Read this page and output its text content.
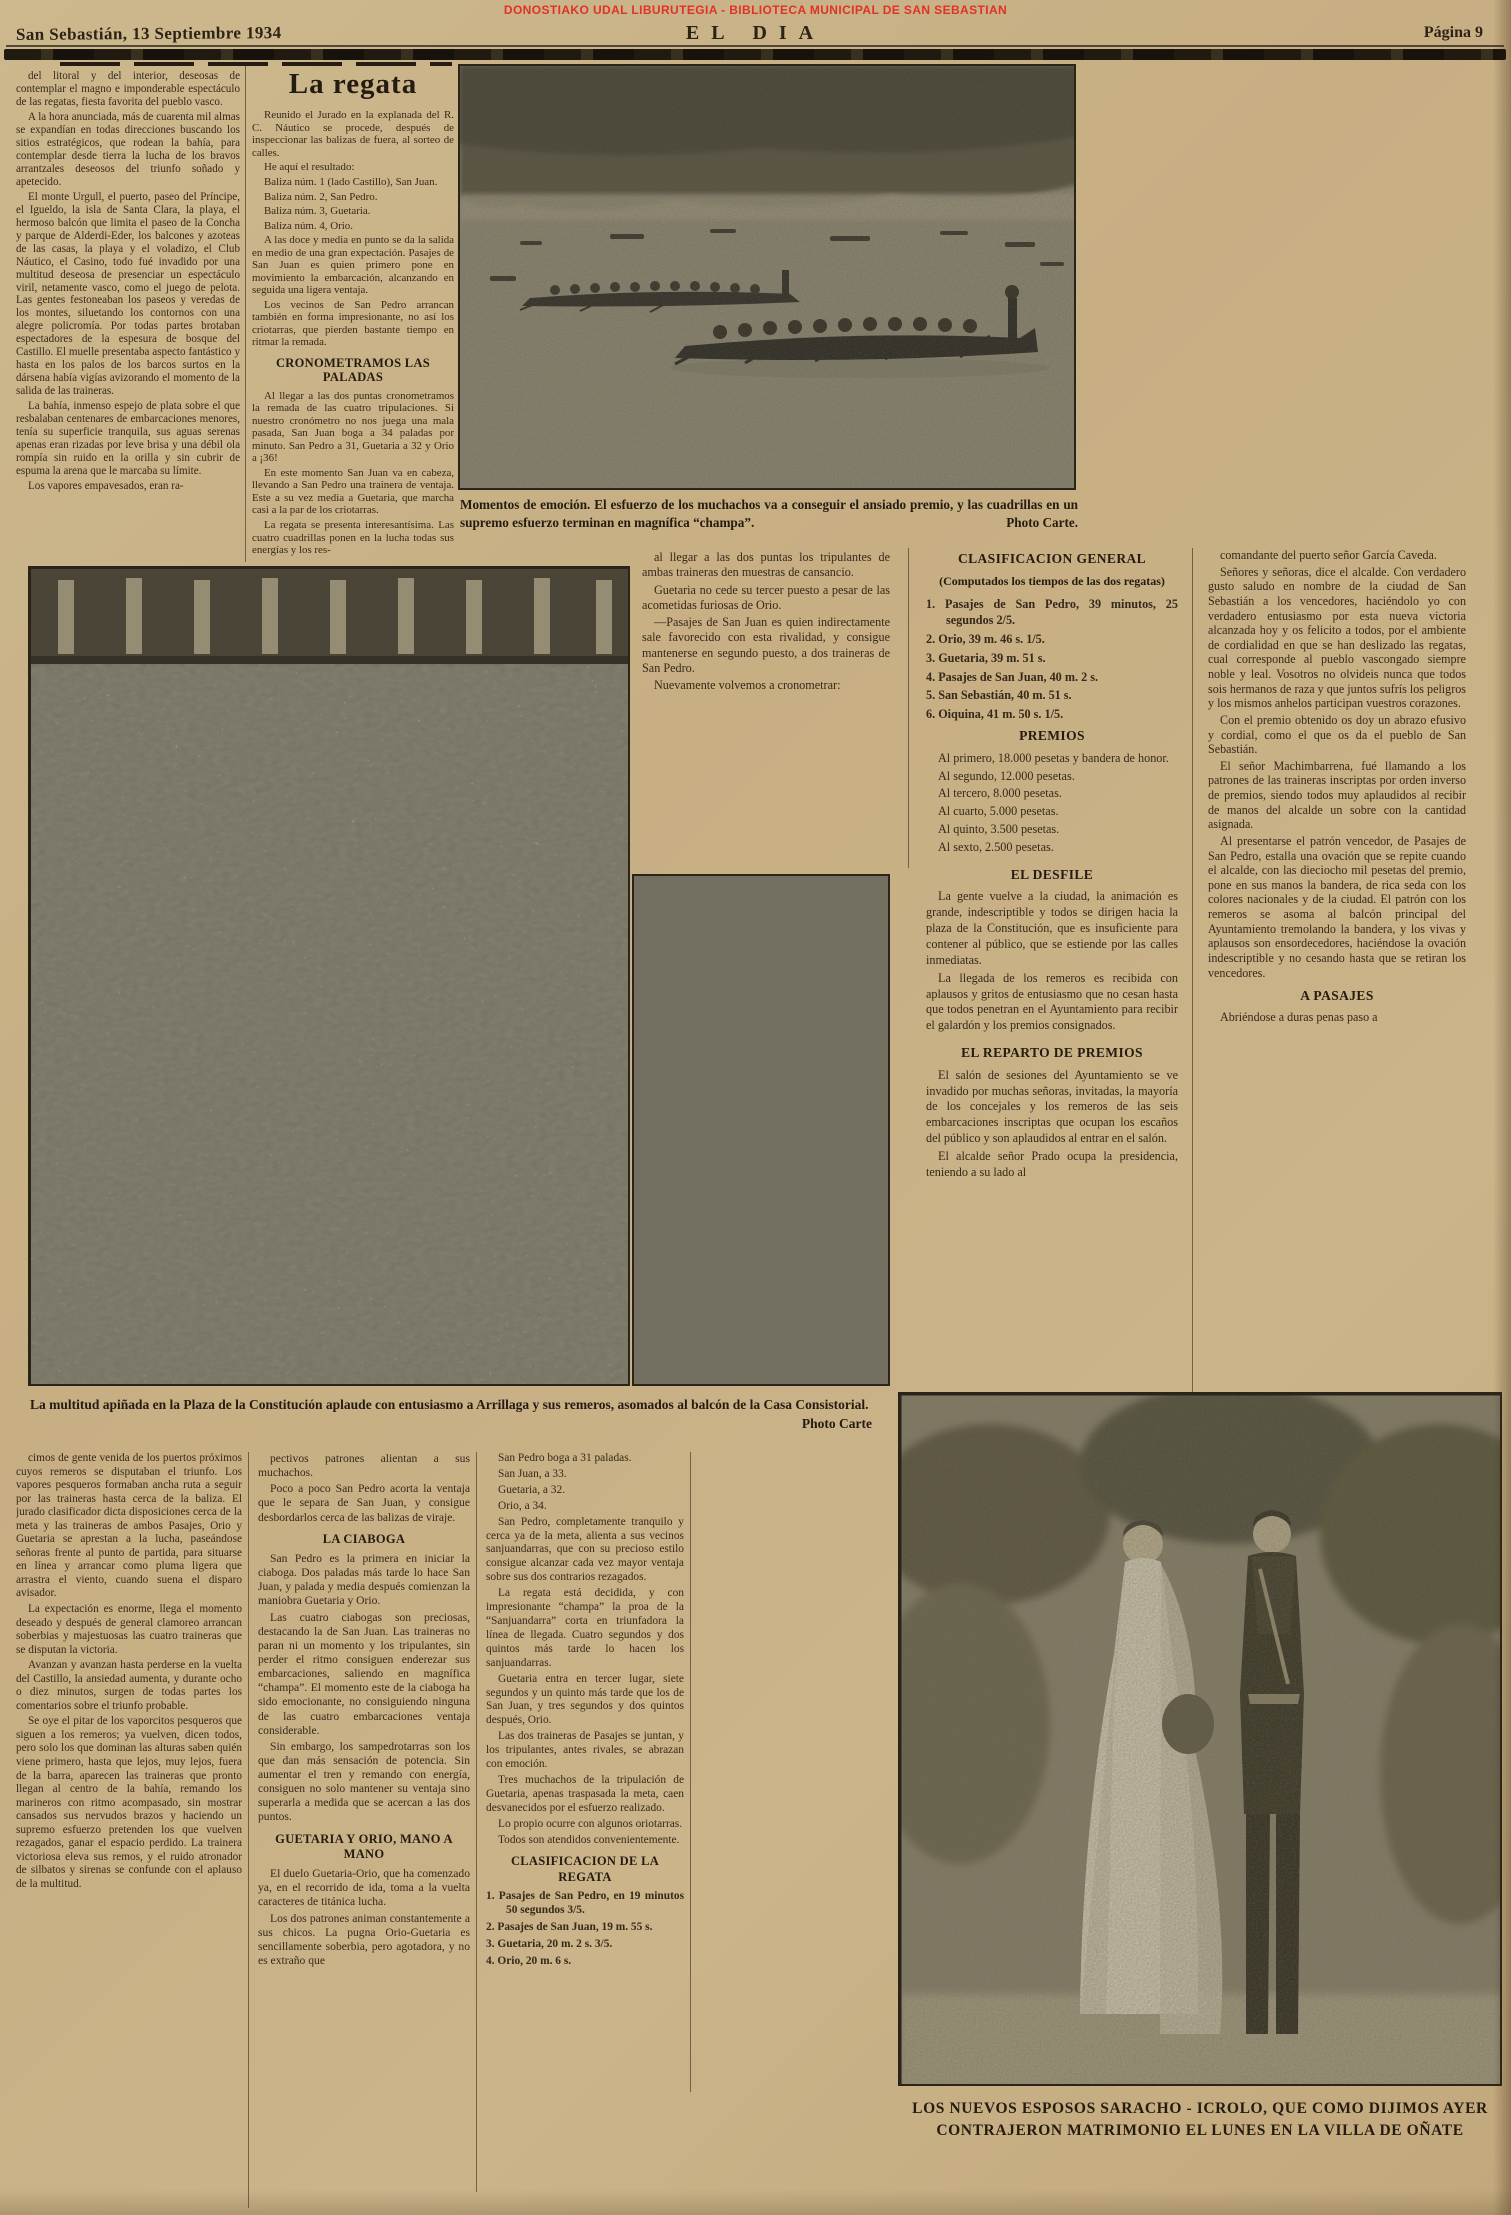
DONOSTIAKO UDAL LIBURUTEGIA - BIBLIOTECA MUNICIPAL DE SAN SEBASTIAN
San Sebastián, 13 Septiembre 1934	EL DIA	Página 9

del litoral y del interior, deseosas de contemplar el magno e imponderable espectáculo de las regatas, fiesta favorita del pueblo vasco.

A la hora anunciada, más de cuarenta mil almas se expandían en todas direcciones buscando los sitios estratégicos, que rodean la bahía, para contemplar desde tierra la lucha de los bravos arrantzales deseosos del triunfo soñado y apetecido.

El monte Urgull, el puerto, paseo del Príncipe, el Igueldo, la isla de Santa Clara, la playa, el hermoso balcón que limita el paseo de la Concha y parque de Alderdi-Eder, los balcones y azoteas de las casas, la playa y el voladizo, el Club Náutico, el Casino, todo fué invadido por una multitud deseosa de presenciar un espectáculo viril, netamente vasco, como el juego de pelota. Las gentes festoneaban los paseos y veredas de los montes, siluetando los contornos con una alegre policromía. Por todas partes brotaban espectadores de la espesura de bosque del Castillo. El muelle presentaba aspecto fantástico y hasta en los palos de los barcos surtos en la dársena había vigías avizorando el momento de la salida de las traineras.

La bahía, inmenso espejo de plata sobre el que resbalaban centenares de embarcaciones menores, tenía su superficie tranquila, sus aguas serenas apenas eran rizadas por leve brisa y una débil ola rompía sin ruido en la orilla y sin cubrir de espuma la arena que le marcaba su límite.

Los vapores empavesados, eran ra-

La regata

Reunido el Jurado en la explanada del R. C. Náutico se procede, después de inspeccionar las balizas de fuera, al sorteo de calles.

He aquí el resultado:

Baliza núm. 1 (lado Castillo), San Juan.

Baliza núm. 2, San Pedro.

Baliza núm. 3, Guetaria.

Baliza núm. 4, Orio.

A las doce y media en punto se da la salida en medio de una gran expectación. Pasajes de San Juan es quien primero pone en movimiento la embarcación, alcanzando en seguida una ligera ventaja.

Los vecinos de San Pedro arrancan también en forma impresionante, no así los criotarras, que pierden bastante tiempo en ritmar la remada.

CRONOMETRAMOS LAS PALADAS

Al llegar a las dos puntas cronometramos la remada de las cuatro tripulaciones. Si nuestro cronómetro no nos juega una mala pasada, San Juan boga a 34 paladas por minuto. San Pedro a 31, Guetaria a 32 y Orio a ¡36!

En este momento San Juan va en cabeza, llevando a San Pedro una trainera de ventaja. Este a su vez media a Guetaria, que marcha casi a la par de los criotarras.

La regata se presenta interesantísima. Las cuatro cuadrillas ponen en la lucha todas sus energías y los res-

Momentos de emoción. El esfuerzo de los muchachos va a conseguir el ansiado premio, y las cuadrillas en un supremo esfuerzo terminan en magnífica “champa”.	Photo Carte.

al llegar a las dos puntas los tripulantes de ambas traineras den muestras de cansancio.

Guetaria no cede su tercer puesto a pesar de las acometidas furiosas de Orio.

—Pasajes de San Juan es quien indirectamente sale favorecido con esta rivalidad, y consigue mantenerse en segundo puesto, a dos traineras de San Pedro.

Nuevamente volvemos a cronometrar:

CLASIFICACION GENERAL
(Computados los tiempos de las dos regatas)

1. Pasajes de San Pedro, 39 minutos, 25 segundos 2/5.

2. Orio, 39 m. 46 s. 1/5.

3. Guetaria, 39 m. 51 s.

4. Pasajes de San Juan, 40 m. 2 s.

5. San Sebastián, 40 m. 51 s.

6. Oiquina, 41 m. 50 s. 1/5.

PREMIOS

Al primero, 18.000 pesetas y bandera de honor.

Al segundo, 12.000 pesetas.

Al tercero, 8.000 pesetas.

Al cuarto, 5.000 pesetas.

Al quinto, 3.500 pesetas.

Al sexto, 2.500 pesetas.

EL DESFILE

La gente vuelve a la ciudad, la animación es grande, indescriptible y todos se dirigen hacia la plaza de la Constitución, que es insuficiente para contener al público, que se estiende por las calles inmediatas.

La llegada de los remeros es recibida con aplausos y gritos de entusiasmo que no cesan hasta que todos penetran en el Ayuntamiento para recibir el galardón y los premios consignados.

EL REPARTO DE PREMIOS

El salón de sesiones del Ayuntamiento se ve invadido por muchas señoras, invitadas, la mayoría de los concejales y los remeros de las seis embarcaciones inscriptas que ocupan los escaños del público y son aplaudidos al entrar en el salón.

El alcalde señor Prado ocupa la presidencia, teniendo a su lado al

comandante del puerto señor García Caveda.

Señores y señoras, dice el alcalde. Con verdadero gusto saludo en nombre de la ciudad de San Sebastián a los vencedores, haciéndolo yo con verdadero entusiasmo por esta nueva victoria alcanzada hoy y os felicito a todos, por el ambiente de cordialidad en que se han deslizado las regatas, cual corresponde al pueblo vascongado siempre noble y leal. Vosotros no olvideis nunca que todos sois hermanos de raza y que juntos sufrís los peligros y los mismos anhelos participan vuestros corazones.

Con el premio obtenido os doy un abrazo efusivo y cordial, como el que os da el pueblo de San Sebastián.

El señor Machimbarrena, fué llamando a los patrones de las traineras inscriptas por orden inverso de premios, siendo todos muy aplaudidos al recibir de manos del alcalde un sobre con la cantidad asignada.

Al presentarse el patrón vencedor, de Pasajes de San Pedro, estalla una ovación que se repite cuando el alcalde, con las dieciocho mil pesetas del premio, pone en sus manos la bandera, de rica seda con los colores nacionales y de la ciudad. El patrón con los remeros se asoma al balcón principal del Ayuntamiento tremolando la bandera, y los vivas y aplausos son ensordecedores, haciéndose la ovación indescriptible y no cesando hasta que se retiran los vencedores.

A PASAJES

Abriéndose a duras penas paso a

La multitud apiñada en la Plaza de la Constitución aplaude con entusiasmo a Arrillaga y sus remeros, asomados al balcón de la Casa Consistorial.
Photo Carte

cimos de gente venida de los puertos próximos cuyos remeros se disputaban el triunfo. Los vapores pesqueros formaban ancha ruta a seguir por las traineras hasta cerca de la baliza. El jurado clasificador dicta disposiciones cerca de la meta y las traineras de ambos Pasajes, Orio y Guetaria se aprestan a la lucha, paseándose señoras frente al punto de partida, para situarse en línea y arrancar como pluma ligera que arrastra el viento, cuando suena el disparo avisador.

La expectación es enorme, llega el momento deseado y después de general clamoreo arrancan soberbias y majestuosas las cuatro traineras que se disputan la victoria.

Avanzan y avanzan hasta perderse en la vuelta del Castillo, la ansiedad aumenta, y durante ocho o diez minutos, surgen de todas partes los comentarios sobre el triunfo probable.

Se oye el pitar de los vaporcitos pesqueros que siguen a los remeros; ya vuelven, dicen todos, pero solo los que dominan las alturas saben quién viene primero, hasta que lejos, muy lejos, fuera de la barra, aparecen las traineras que pronto llegan al centro de la bahía, remando los marineros con ritmo acompasado, sin mostrar cansados sus nervudos brazos y haciendo un supremo esfuerzo pretenden los que vuelven rezagados, ganar el espacio perdido. La trainera victoriosa eleva sus remos, y el ruido atronador de silbatos y sirenas se confunde con el aplauso de la multitud.

pectivos patrones alientan a sus muchachos.

Poco a poco San Pedro acorta la ventaja que le separa de San Juan, y consigue desbordarlos cerca de las balizas de viraje.

LA CIABOGA

San Pedro es la primera en iniciar la ciaboga. Dos paladas más tarde lo hace San Juan, y palada y media después comienzan la maniobra Guetaria y Orio.

Las cuatro ciabogas son preciosas, destacando la de San Juan. Las traineras no paran ni un momento y los tripulantes, sin perder el ritmo consiguen enderezar sus embarcaciones, saliendo en magnífica “champa”. El momento este de la ciaboga ha sido emocionante, no consiguiendo ninguna de las cuatro embarcaciones ventaja considerable.

Sin embargo, los sampedrotarras son los que dan más sensación de potencia. Sin aumentar el tren y remando con energía, consiguen no solo mantener su ventaja sino superarla a medida que se acercan a las dos puntos.

GUETARIA Y ORIO, MANO A MANO

El duelo Guetaria-Orio, que ha comenzado ya, en el recorrido de ida, toma a la vuelta caracteres de titánica lucha.

Los dos patrones animan constantemente a sus chicos. La pugna Orio-Guetaria es sencillamente soberbia, pero agotadora, y no es extraño que

San Pedro boga a 31 paladas.

San Juan, a 33.

Guetaria, a 32.

Orio, a 34.

San Pedro, completamente tranquilo y cerca ya de la meta, alienta a sus vecinos sanjuandarras, que con su precioso estilo consigue alcanzar cada vez mayor ventaja sobre sus dos contrarios rezagados.

La regata está decidida, y con impresionante “champa” la proa de la “Sanjuandarra” corta en triunfadora la línea de llegada. Cuatro segundos y dos quintos más tarde lo hacen los sanjuandarras.

Guetaria entra en tercer lugar, siete segundos y un quinto más tarde que los de San Juan, y tres segundos y dos quintos después, Orio.

Las dos traineras de Pasajes se juntan, y los tripulantes, antes rivales, se abrazan con emoción.

Tres muchachos de la tripulación de Guetaria, apenas traspasada la meta, caen desvanecidos por el esfuerzo realizado.

Lo propio ocurre con algunos oriotarras.

Todos son atendidos convenientemente.

CLASIFICACION DE LA REGATA

1. Pasajes de San Pedro, en 19 minutos 50 segundos 3/5.

2. Pasajes de San Juan, 19 m. 55 s.

3. Guetaria, 20 m. 2 s. 3/5.

4. Orio, 20 m. 6 s.

LOS NUEVOS ESPOSOS SARACHO - ICROLO, QUE COMO DIJIMOS AYER CONTRAJERON MATRIMONIO EL LUNES EN LA VILLA DE OÑATE
